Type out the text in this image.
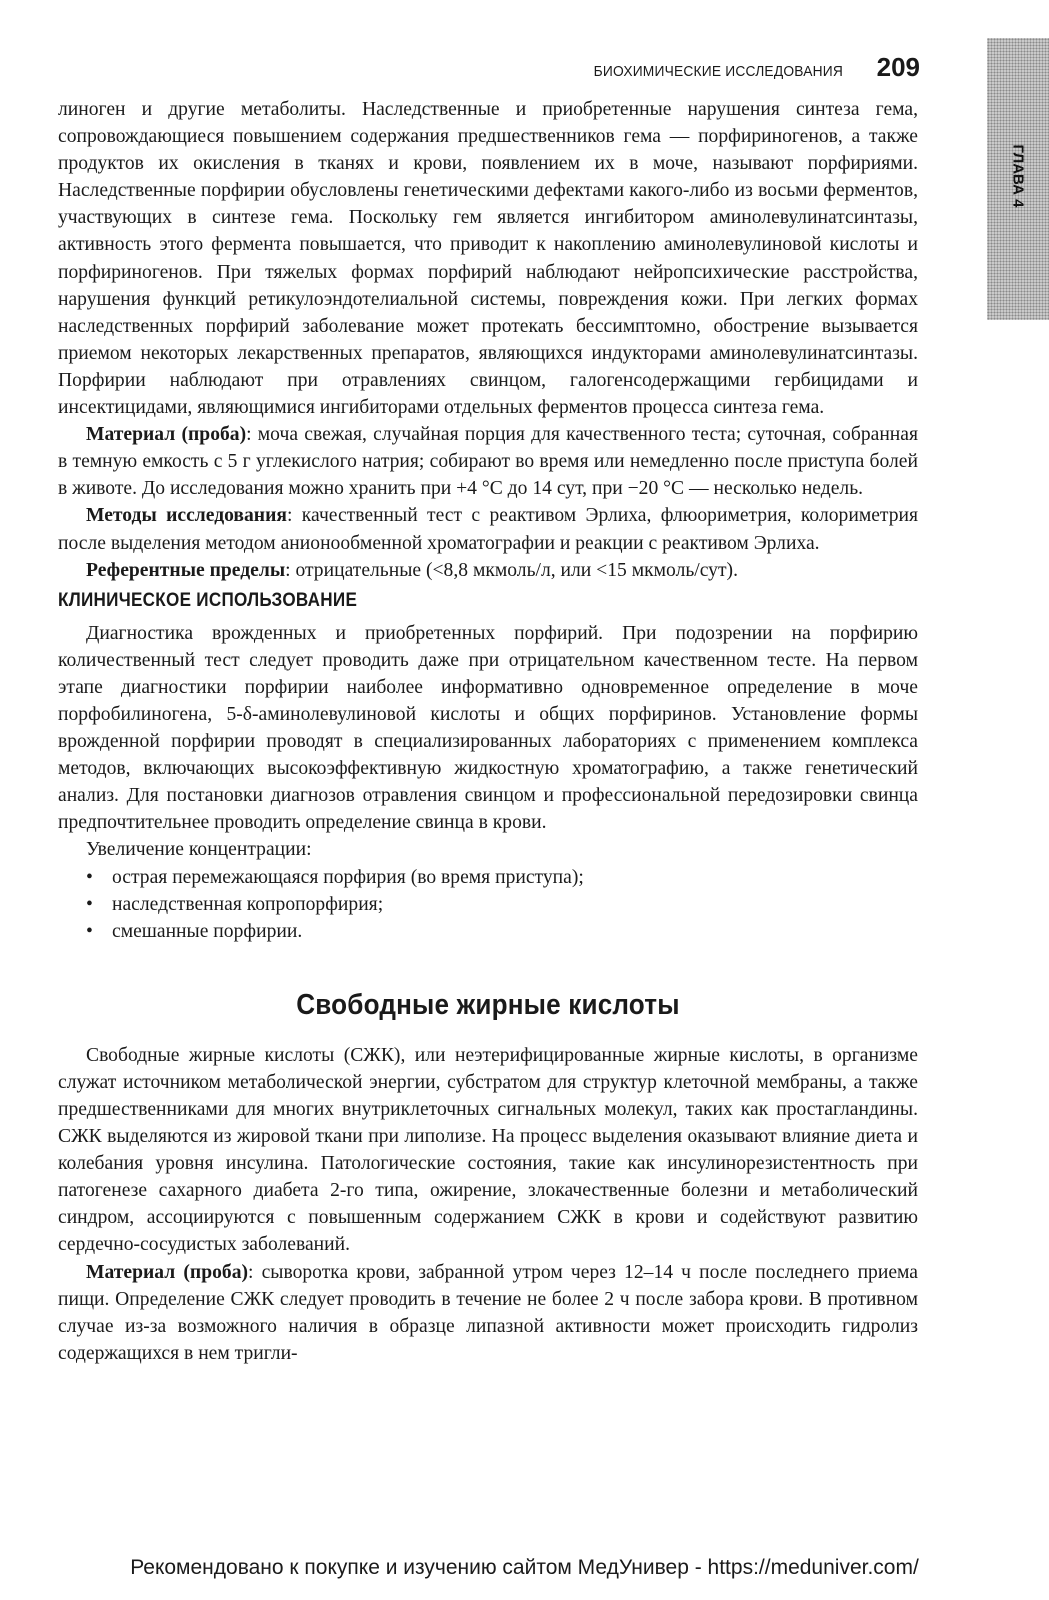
БИОХИМИЧЕСКИЕ ИССЛЕДОВАНИЯ 209
ГЛАВА 4

линоген и другие метаболиты. Наследственные и приобретенные нарушения синтеза гема, сопровождающиеся повышением содержания предшественников гема — порфириногенов, а также продуктов их окисления в тканях и крови, появлением их в моче, называют порфириями. Наследственные порфирии обусловлены генетическими дефектами какого-либо из восьми ферментов, участвующих в синтезе гема. Поскольку гем является ингибитором аминолевулинатсинтазы, активность этого фермента повышается, что приводит к накоплению аминолевулиновой кислоты и порфириногенов. При тяжелых формах порфирий наблюдают нейропсихические расстройства, нарушения функций ретикулоэндотелиальной системы, повреждения кожи. При легких формах наследственных порфирий заболевание может протекать бессимптомно, обострение вызывается приемом некоторых лекарственных препаратов, являющихся индукторами аминолевулинатсинтазы. Порфирии наблюдают при отравлениях свинцом, галогенсодержащими гербицидами и инсектицидами, являющимися ингибиторами отдельных ферментов процесса синтеза гема.

Материал (проба): моча свежая, случайная порция для качественного теста; суточная, собранная в темную емкость с 5 г углекислого натрия; собирают во время или немедленно после приступа болей в животе. До исследования можно хранить при +4 °С до 14 сут, при −20 °С — несколько недель.

Методы исследования: качественный тест с реактивом Эрлиха, флюориметрия, колориметрия после выделения методом анионообменной хроматографии и реакции с реактивом Эрлиха.

Референтные пределы: отрицательные (<8,8 мкмоль/л, или <15 мкмоль/сут).

КЛИНИЧЕСКОЕ ИСПОЛЬЗОВАНИЕ

Диагностика врожденных и приобретенных порфирий. При подозрении на порфирию количественный тест следует проводить даже при отрицательном качественном тесте. На первом этапе диагностики порфирии наиболее информативно одновременное определение в моче порфобилиногена, 5-δ-аминолевулиновой кислоты и общих порфиринов. Установление формы врожденной порфирии проводят в специализированных лабораториях с применением комплекса методов, включающих высокоэффективную жидкостную хроматографию, а также генетический анализ. Для постановки диагнозов отравления свинцом и профессиональной передозировки свинца предпочтительнее проводить определение свинца в крови.

Увеличение концентрации:

• острая перемежающаяся порфирия (во время приступа);
• наследственная копропорфирия;
• смешанные порфирии.
Свободные жирные кислоты

Свободные жирные кислоты (СЖК), или неэтерифицированные жирные кислоты, в организме служат источником метаболической энергии, субстратом для структур клеточной мембраны, а также предшественниками для многих внутриклеточных сигнальных молекул, таких как простагландины. СЖК выделяются из жировой ткани при липолизе. На процесс выделения оказывают влияние диета и колебания уровня инсулина. Патологические состояния, такие как инсулинорезистентность при патогенезе сахарного диабета 2-го типа, ожирение, злокачественные болезни и метаболический синдром, ассоциируются с повышенным содержанием СЖК в крови и содействуют развитию сердечно-сосудистых заболеваний.

Материал (проба): сыворотка крови, забранной утром через 12–14 ч после последнего приема пищи. Определение СЖК следует проводить в течение не более 2 ч после забора крови. В противном случае из-за возможного наличия в образце липазной активности может происходить гидролиз содержащихся в нем тригли-

Рекомендовано к покупке и изучению сайтом МедУнивер - https://meduniver.com/
